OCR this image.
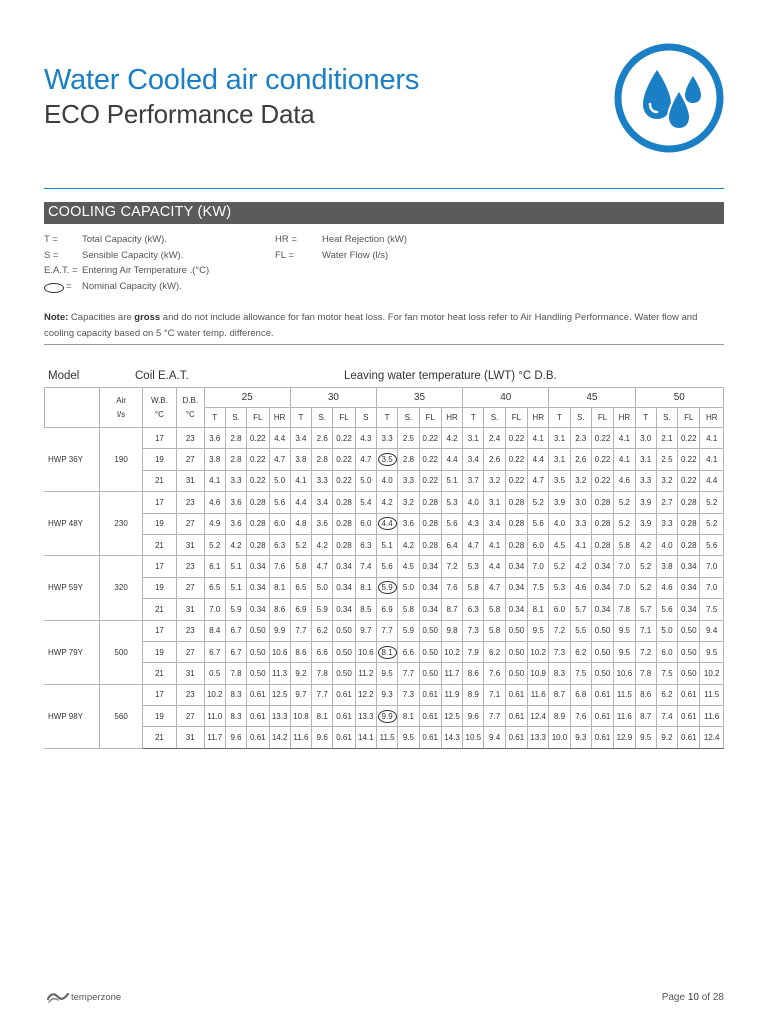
Water Cooled air conditioners
ECO Performance Data
COOLING CAPACITY (KW)
T =	Total Capacity (kW).
S = Sensible Capacity (kW).
E.A.T. = Entering Air Temperature .(°C)
= Nominal Capacity (kW).
HR =	Heat Rejection (kW)
FL =	Water Flow (l/s)
Note: Capacities are gross and do not include allowance for fan motor heat loss. For fan motor heat loss refer to Air Handling Performance. Water flow and cooling capacity based on 5 °C water temp. difference.
Model	Coil E.A.T.	Leaving water temperature (LWT) °C D.B.
	Air
l/s	W.B.
°C	D.B.
°C	25				30				35				40				45				50			
				T	S.	FL	HR	T	S.	FL	S	T	S.	FL	HR	T	S.	FL	HR	T	S.	FL	HR	T	S.	FL	HR
HWP 36Y	190	17	23	3.6	2.8	0.22	4.4	3.4	2.6	0.22	4.3	3.3	2.5	0.22	4.2	3.1	2.4	0.22	4.1	3.1	2.3	0.22	4.1	3.0	2.1	0.22	4.1
		19	27	3.8	2.8	0.22	4.7	3.8	2.8	0.22	4.7	3.5	2.8	0.22	4.4	3.4	2.6	0.22	4.4	3.1	2.6	0.22	4.1	3.1	2.5	0.22	4.1
		21	31	4.1	3.3	0.22	5.0	4.1	3.3	0.22	5.0	4.0	3.3	0.22	5.1	3.7	3.2	0.22	4.7	3.5	3.2	0.22	4.6	3.3	3.2	0.22	4.4
HWP 48Y	230	17	23	4.6	3.6	0.28	5.6	4.4	3.4	0.28	5.4	4.2	3.2	0.28	5.3	4.0	3.1	0.28	5.2	3.9	3.0	0.28	5.2	3.9	2.7	0.28	5.2
		19	27	4.9	3.6	0.28	6.0	4.8	3.6	0.28	6.0	4.4	3.6	0.28	5.6	4.3	3.4	0.28	5.6	4.0	3.3	0.28	5.2	3.9	3.3	0.28	5.2
		21	31	5.2	4.2	0.28	6.3	5.2	4.2	0.28	6.3	5.1	4.2	0.28	6.4	4.7	4.1	0.28	6.0	4.5	4.1	0.28	5.8	4.2	4.0	0.28	5.6
HWP 59Y	320	17	23	6.1	5.1	0.34	7.6	5.8	4.7	0.34	7.4	5.6	4.5	0.34	7.2	5.3	4.4	0.34	7.0	5.2	4.2	0.34	7.0	5.2	3.8	0.34	7.0
		19	27	6.5	5.1	0.34	8.1	6.5	5.0	0.34	8.1	5.9	5.0	0.34	7.6	5.8	4.7	0.34	7.5	5.3	4.6	0.34	7.0	5.2	4.6	0.34	7.0
		21	31	7.0	5.9	0.34	8.6	6.9	5.9	0.34	8.5	6.9	5.8	0.34	8.7	6.3	5.8	0.34	8.1	6.0	5.7	0.34	7.8	5.7	5.6	0.34	7.5
HWP 79Y	500	17	23	8.4	6.7	0.50	9.9	7.7	6.2	0.50	9.7	7.7	5.9	0.50	9.8	7.3	5.8	0.50	9.5	7.2	5.5	0.50	9.5	7.1	5.0	0.50	9.4
		19	27	6.7	6.7	0.50	10.6	8.6	6.6	0.50	10.6	8.1	6.6	0.50	10.2	7.9	6.2	0.50	10.2	7.3	6.2	0.50	9.5	7.2	6.0	0.50	9.5
		21	31	0.5	7.8	0.50	11.3	9.2	7.8	0.50	11.2	9.5	7.7	0.50	11.7	8.6	7.6	0.50	10.9	8.3	7.5	0.50	10.6	7.8	7.5	0.50	10.2
HWP 98Y	560	17	23	10.2	8.3	0.61	12.5	9.7	7.7	0.61	12.2	9.3	7.3	0.61	11.9	8.9	7.1	0.61	11.6	8.7	6.8	0.61	11.5	8.6	6.2	0.61	11.5
		19	27	11.0	8.3	0.61	13.3	10.8	8.1	0.61	13.3	9.9	8.1	0.61	12.5	9.6	7.7	0.61	12.4	8.9	7.6	0.61	11.6	8.7	7.4	0.61	11.6
		21	31	11.7	9.6	0.61	14.2	11.6	9.6	0.61	14.1	11.5	9.5	0.61	14.3	10.5	9.4	0.61	13.3	10.0	9.3	0.61	12.9	9.5	9.2	0.61	12.4
temperzone	Page 10 of 28
